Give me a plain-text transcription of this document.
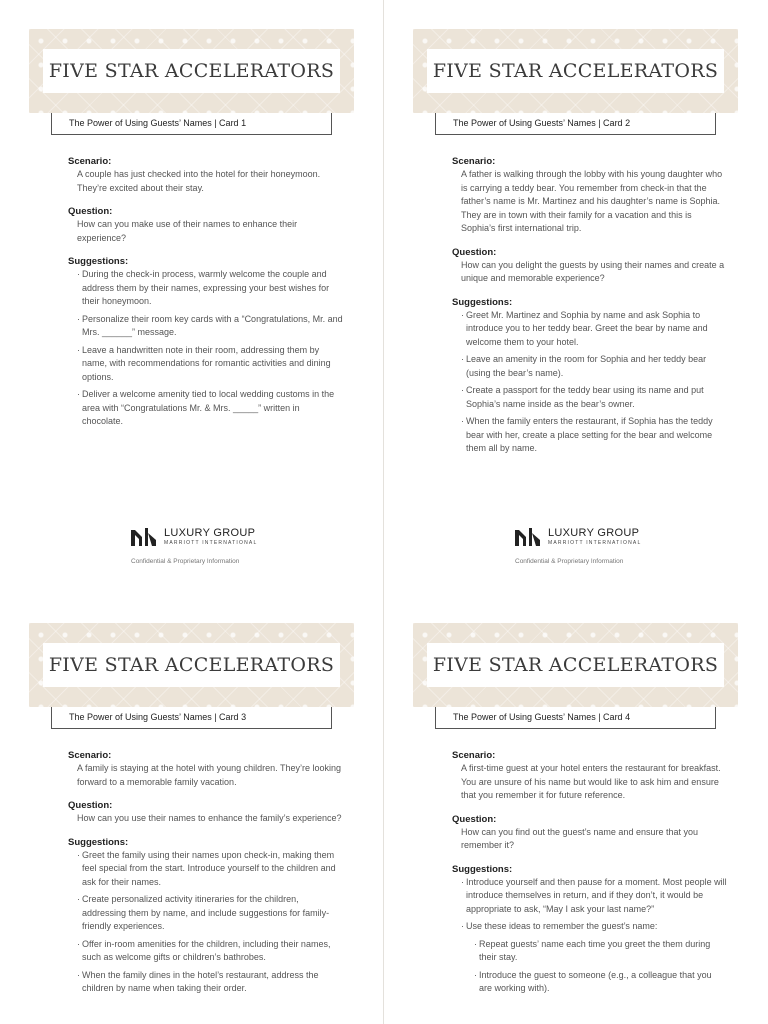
FIVE STAR ACCELERATORS
The Power of Using Guests’ Names | Card 1
Scenario:
A couple has just checked into the hotel for their honeymoon. They’re excited about their stay.
Question:
How can you make use of their names to enhance their experience?
Suggestions:
· During the check-in process, warmly welcome the couple and address them by their names, expressing your best wishes for their honeymoon.
· Personalize their room key cards with a “Congratulations, Mr. and Mrs. ______” message.
· Leave a handwritten note in their room, addressing them by name, with recommendations for romantic activities and dining options.
· Deliver a welcome amenity tied to local wedding customs in the area with “Congratulations Mr. & Mrs. _____” written in chocolate.
LUXURY GROUP
MARRIOTT INTERNATIONAL
Confidential & Proprietary Information
FIVE STAR ACCELERATORS
The Power of Using Guests’ Names | Card 2
Scenario:
A father is walking through the lobby with his young daughter who is carrying a teddy bear. You remember from check-in that the father’s name is Mr. Martinez and his daughter’s name is Sophia. They are in town with their family for a vacation and this is Sophia’s first international trip.
Question:
How can you delight the guests by using their names and create a unique and memorable experience?
Suggestions:
· Greet Mr. Martinez and Sophia by name and ask Sophia to introduce you to her teddy bear. Greet the bear by name and welcome them to your hotel.
· Leave an amenity in the room for Sophia and her teddy bear (using the bear’s name).
· Create a passport for the teddy bear using its name and put Sophia’s name inside as the bear’s owner.
· When the family enters the restaurant, if Sophia has the teddy bear with her, create a place setting for the bear and welcome them all by name.
LUXURY GROUP
MARRIOTT INTERNATIONAL
Confidential & Proprietary Information
FIVE STAR ACCELERATORS
The Power of Using Guests’ Names | Card 3
Scenario:
A family is staying at the hotel with young children. They’re looking forward to a memorable family vacation.
Question:
How can you use their names to enhance the family’s experience?
Suggestions:
· Greet the family using their names upon check-in, making them feel special from the start. Introduce yourself to the children and ask for their names.
· Create personalized activity itineraries for the children, addressing them by name, and include suggestions for family-friendly experiences.
· Offer in-room amenities for the children, including their names, such as welcome gifts or children’s bathrobes.
· When the family dines in the hotel’s restaurant, address the children by name when taking their order.
FIVE STAR ACCELERATORS
The Power of Using Guests’ Names | Card 4
Scenario:
A first-time guest at your hotel enters the restaurant for breakfast. You are unsure of his name but would like to ask him and ensure that you remember it for future reference.
Question:
How can you find out the guest’s name and ensure that you remember it?
Suggestions:
· Introduce yourself and then pause for a moment. Most people will introduce themselves in return, and if they don’t, it would be appropriate to ask, “May I ask your last name?”
· Use these ideas to remember the guest’s name:
· Repeat guests’ name each time you greet the them during their stay.
· Introduce the guest to someone (e.g., a colleague that you are working with).
